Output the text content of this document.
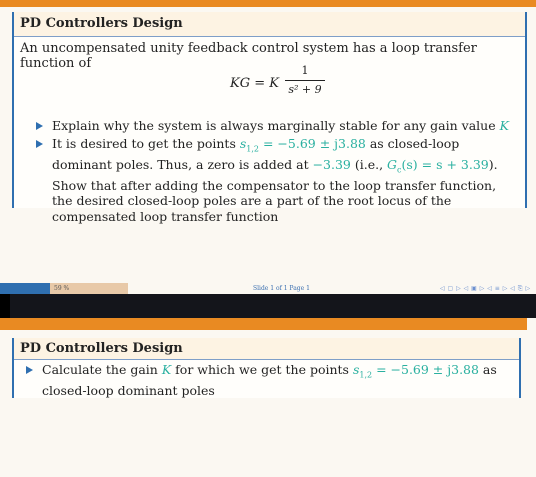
PD Controllers Design
An uncompensated unity feedback control system has a loop transfer function of
KG = K
1
s² + 9
Explain why the system is always marginally stable for any gain value K
It is desired to get the points $s_{1,2} = -5.69 \pm j3.88$ as closed-loop dominant poles. Thus, a zero is added at −3.39 (i.e., $G_c(s) = s + 3.39$). Show that after adding the compensator to the loop transfer function, the desired closed-loop poles are a part of the root locus of the compensated loop transfer function
59 %	Slide 1 of 1 Page 1	◁ ▢ ▷ ◁ ▣ ▷ ◁ ≡ ▷ ◁ ⎘ ▷
PD Controllers Design
Calculate the gain K for which we get the points $s_{1,2} = -5.69 \pm j3.88$ as closed-loop dominant poles
